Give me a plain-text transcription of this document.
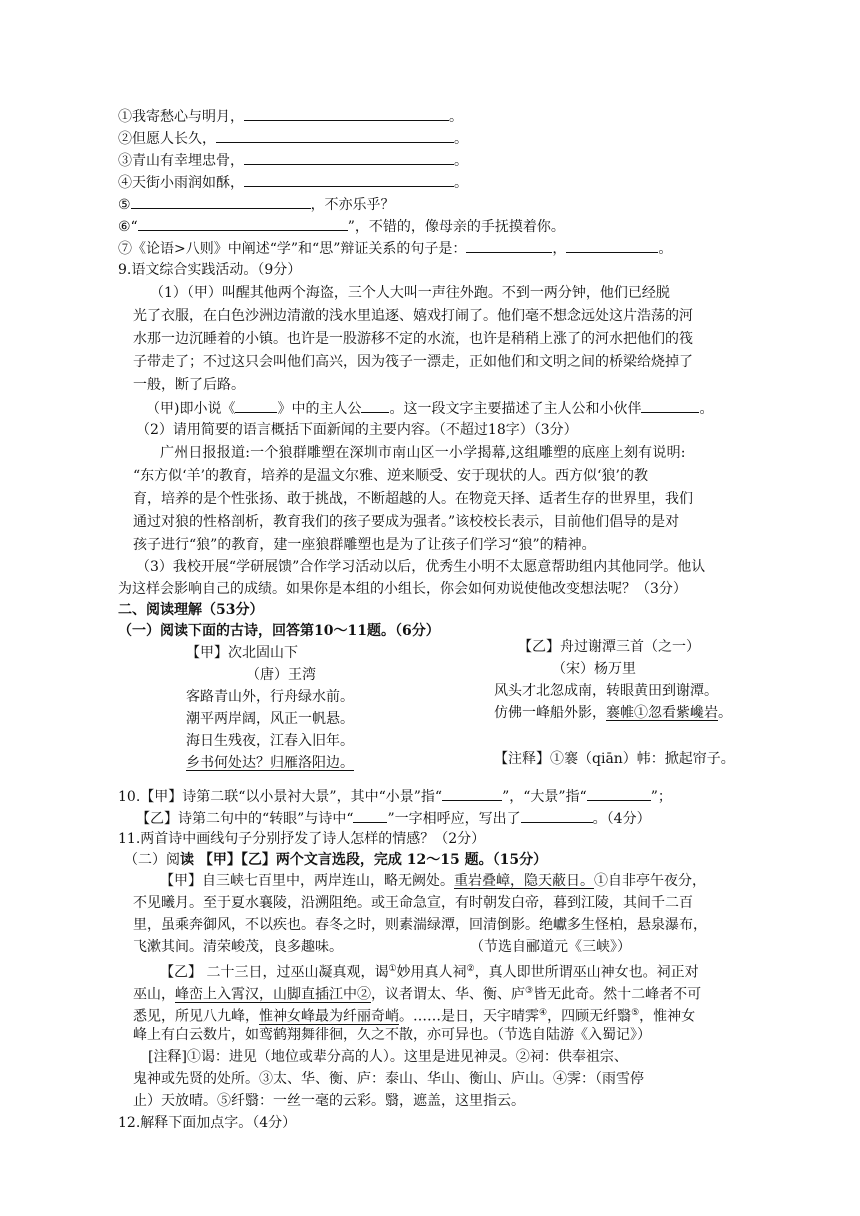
①我寄愁心与明月，	。
②但愿人长久，	。
③青山有幸埋忠骨，	。
④天街小雨润如酥，	。
⑤	，不亦乐乎？
⑥“	”，不错的，像母亲的手抚摸着你。
⑦《论语>八则》中阐述“学”和“思”辩证关系的句子是：	，	。
9.语文综合实践活动。（9分）
（1）（甲）叫醒其他两个海盗，三个人大叫一声往外跑。不到一两分钟，他们已经脱
光了衣服，在白色沙洲边清澈的浅水里追逐、嬉戏打闹了。他们毫不想念远处这片浩荡的河
水那一边沉睡着的小镇。也许是一股游移不定的水流，也许是稍稍上涨了的河水把他们的筏
子带走了；不过这只会叫他们高兴，因为筏子一漂走，正如他们和文明之间的桥梁给烧掉了
一般，断了后路。
（甲)即小说《	》中的主人公 。这一段文字主要描述了主人公和小伙伴	。
（2）请用简要的语言概括下面新闻的主要内容。（不超过18字）（3分）
广州日报报道:一个狼群雕塑在深圳市南山区一小学揭幕,这组雕塑的底座上刻有说明:
“东方似‘羊’的教育，培养的是温文尔雅、逆来顺受、安于现状的人。西方似‘狼’的教
育，培养的是个性张扬、敢于挑战，不断超越的人。在物竞天择、适者生存的世界里，我们
通过对狼的性格剖析，教育我们的孩子要成为强者。”该校校长表示，目前他们倡导的是对
孩子进行“狼”的教育，建一座狼群雕塑也是为了让孩子们学习“狼”的精神。
（3）我校开展“学研展馈”合作学习活动以后，优秀生小明不太愿意帮助组内其他同学。他认
为这样会影响自己的成绩。如果你是本组的小组长，你会如何劝说使他改变想法呢？（3分）
二、阅读理解（53分）
（一）阅读下面的古诗，回答第10～11题。（6分）
【甲】次北固山下
（唐）王湾
客路青山外，行舟绿水前。
潮平两岸阔，风正一帆悬。
海日生残夜，江春入旧年。
乡书何处达？归雁洛阳边。
【乙】舟过谢潭三首（之一）
（宋）杨万里
风头才北忽成南，转眼黄田到谢潭。
仿佛一峰船外影，褰帷①忽看紫巉岩。
【注释】①褰（qiān）帏：掀起帘子。
10.【甲】诗第二联“以小景衬大景”，其中“小景”指“	”，“大景”指“	”；
【乙】诗第二句中的“转眼”与诗中“ ”一字相呼应，写出了	。（4分）
11.两首诗中画线句子分别抒发了诗人怎样的情感？（2分）
（二）阅读 【甲】【乙】两个文言选段，完成 12～15 题。（15分）
【甲】自三峡七百里中，两岸连山，略无阙处。重岩叠嶂，隐天蔽日。①自非亭午夜分，
不见曦月。至于夏水襄陵，沿溯阻绝。或王命急宣，有时朝发白帝，暮到江陵，其间千二百
里，虽乘奔御风，不以疾也。春冬之时，则素湍绿潭，回清倒影。绝巘多生怪柏，悬泉瀑布，
飞漱其间。清荣峻茂，良多趣味。	（节选自郦道元《三峡》）
【乙】 二十三日，过巫山凝真观，谒①妙用真人祠②，真人即世所谓巫山神女也。祠正对
巫山，峰峦上入霄汉，山脚直插江中②，议者谓太、华、衡、庐③皆无此奇。然十二峰者不可
悉见，所见八九峰，惟神女峰最为纤丽奇峭。……是日，天宇晴霁④，四顾无纤翳⑤，惟神女
峰上有白云数片，如鸾鹤翔舞徘徊，久之不散，亦可异也。（节选自陆游《入蜀记》）
[注释]①谒：进见（地位或辈分高的人）。这里是进见神灵。②祠：供奉祖宗、
鬼神或先贤的处所。③太、华、衡、庐：泰山、华山、衡山、庐山。④霁：（雨雪停
止）天放晴。⑤纤翳：一丝一毫的云彩。翳，遮盖，这里指云。
12.解释下面加点字。（4分）
